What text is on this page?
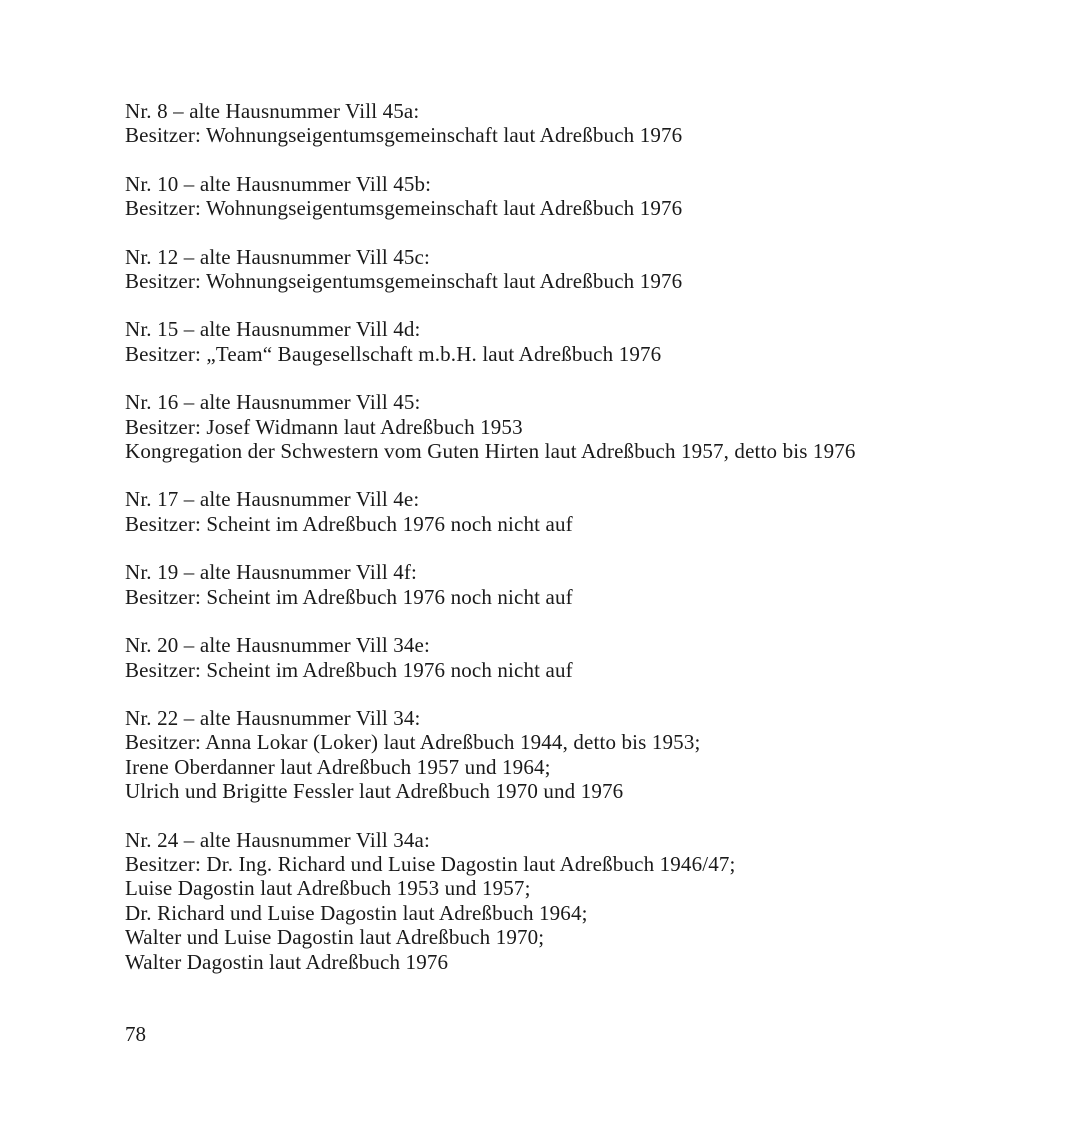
Nr. 8 – alte Hausnummer Vill 45a:
Besitzer: Wohnungseigentumsgemeinschaft laut Adreßbuch 1976
Nr. 10 – alte Hausnummer Vill 45b:
Besitzer: Wohnungseigentumsgemeinschaft laut Adreßbuch 1976
Nr. 12 – alte Hausnummer Vill 45c:
Besitzer: Wohnungseigentumsgemeinschaft laut Adreßbuch 1976
Nr. 15 – alte Hausnummer Vill 4d:
Besitzer: „Team“ Baugesellschaft m.b.H. laut Adreßbuch 1976
Nr. 16 – alte Hausnummer Vill 45:
Besitzer: Josef Widmann laut Adreßbuch 1953
Kongregation der Schwestern vom Guten Hirten laut Adreßbuch 1957, detto bis 1976
Nr. 17 – alte Hausnummer Vill 4e:
Besitzer: Scheint im Adreßbuch 1976 noch nicht auf
Nr. 19 – alte Hausnummer Vill 4f:
Besitzer: Scheint im Adreßbuch 1976 noch nicht auf
Nr. 20 – alte Hausnummer Vill 34e:
Besitzer: Scheint im Adreßbuch 1976 noch nicht auf
Nr. 22 – alte Hausnummer Vill 34:
Besitzer: Anna Lokar (Loker) laut Adreßbuch 1944, detto bis 1953;
Irene Oberdanner laut Adreßbuch 1957 und 1964;
Ulrich und Brigitte Fessler laut Adreßbuch 1970 und 1976
Nr. 24 – alte Hausnummer Vill 34a:
Besitzer: Dr. Ing. Richard und Luise Dagostin laut Adreßbuch 1946/47;
Luise Dagostin laut Adreßbuch 1953 und 1957;
Dr. Richard und Luise Dagostin laut Adreßbuch 1964;
Walter und Luise Dagostin laut Adreßbuch 1970;
Walter Dagostin laut Adreßbuch 1976
78
